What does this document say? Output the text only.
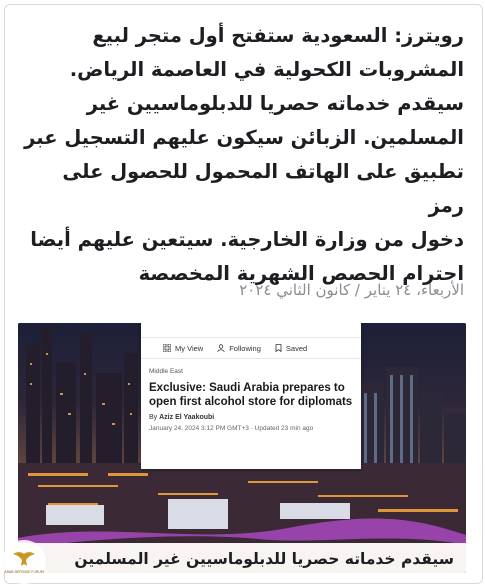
رويترز: السعودية ستفتح أول متجر لبيع
المشروبات الكحولية في العاصمة الرياض.
سيقدم خدماته حصريا للدبلوماسيين غير
المسلمين. الزبائن سيكون عليهم التسجيل عبر
تطبيق على الهاتف المحمول للحصول على رمز
دخول من وزارة الخارجية. سيتعين عليهم أيضا
احترام الحصص الشهرية المخصصة
الأربعاء، ٢٤ يناير / كانون الثاني ٢٠٢٤
My View	Following	Saved
Middle East
Exclusive: Saudi Arabia prepares to open first alcohol store for diplomats
By Aziz El Yaakoubi
January 24, 2024 3:12 PM GMT+3 · Updated 23 min ago
سيقدم خدماته حصريا للدبلوماسيين غير المسلمين
ARAB DEFENSE FORUM
